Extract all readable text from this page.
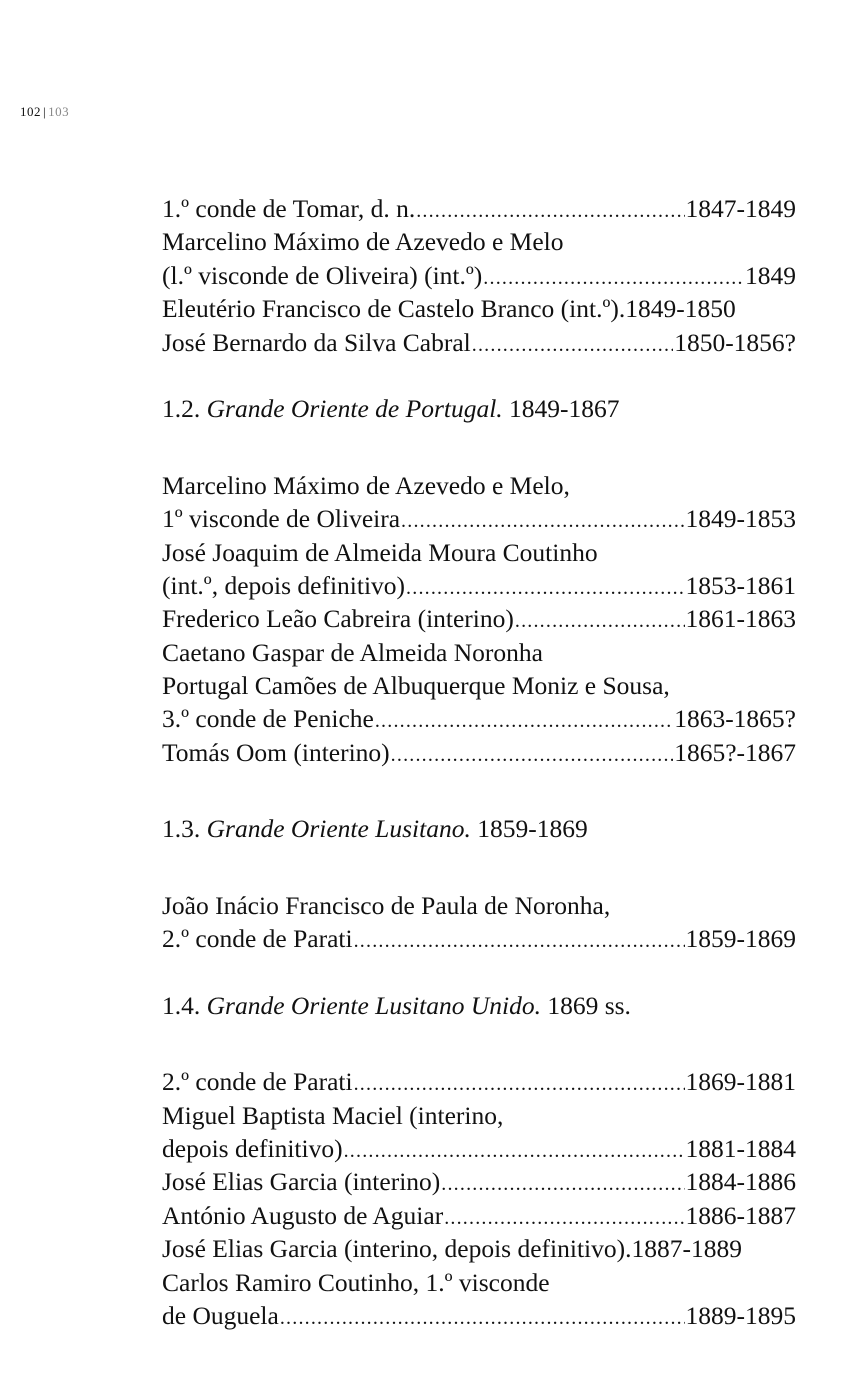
102 | 103
1.º conde de Tomar, d. n. .....	1847-1849
Marcelino Máximo de Azevedo e Melo
(l.º visconde de Oliveira) (int.º) .....	1849
Eleutério Francisco de Castelo Branco (int.º). 1849-1850
José Bernardo da Silva Cabral .....	1850-1856?
1.2. Grande Oriente de Portugal. 1849-1867
Marcelino Máximo de Azevedo e Melo,
1º visconde de Oliveira .....	1849-1853
José Joaquim de Almeida Moura Coutinho
(int.º, depois definitivo) .....	1853-1861
Frederico Leão Cabreira (interino) .....	1861-1863
Caetano Gaspar de Almeida Noronha
Portugal Camões de Albuquerque Moniz e Sousa,
3.º conde de Peniche .....	1863-1865?
Tomás Oom (interino) .....	1865?-1867
1.3. Grande Oriente Lusitano. 1859-1869
João Inácio Francisco de Paula de Noronha,
2.º conde de Parati .....	1859-1869
1.4. Grande Oriente Lusitano Unido. 1869 ss.
2.º conde de Parati .....	1869-1881
Miguel Baptista Maciel (interino,
depois definitivo) .....	1881-1884
José Elias Garcia (interino) .....	1884-1886
António Augusto de Aguiar .....	1886-1887
José Elias Garcia (interino, depois definitivo). 1887-1889
Carlos Ramiro Coutinho, 1.º visconde
de Ouguela .....	1889-1895
